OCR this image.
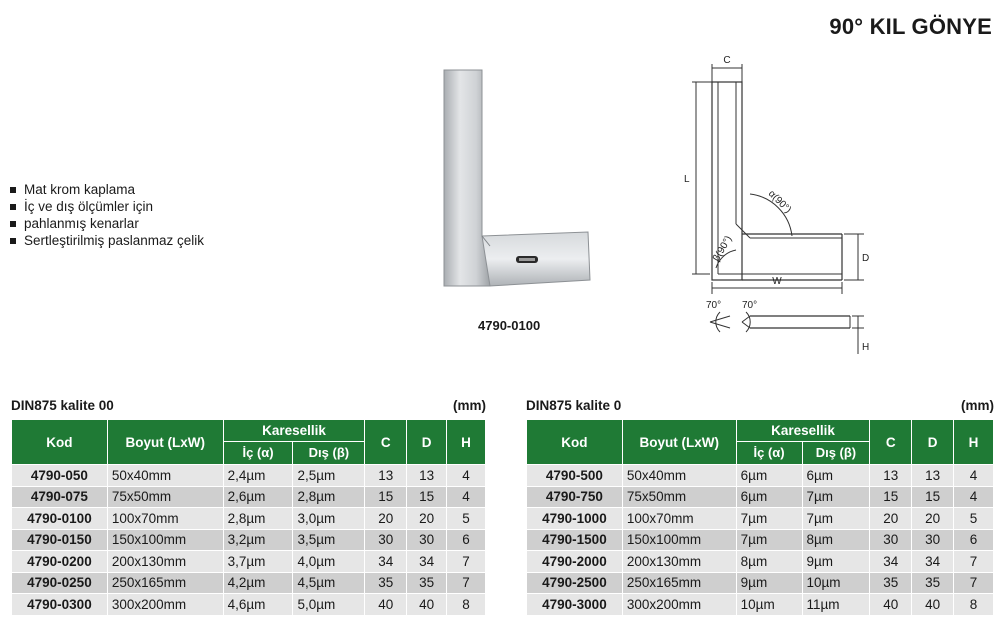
90° KIL GÖNYE
Mat krom kaplama
İç ve dış ölçümler için
pahlanmış kenarlar
Sertleştirilmiş paslanmaz çelik
4790-0100
C
L
D
W
H
α(90°)
β(90°)
70° 70°
DIN875 kalite 00	(mm)
Kod	Boyut (LxW)	Karesellik		C	D	H
		İç (α)	Dış (β)			
4790-050	50x40mm	2,4µm	2,5µm	13	13	4
4790-075	75x50mm	2,6µm	2,8µm	15	15	4
4790-0100	100x70mm	2,8µm	3,0µm	20	20	5
4790-0150	150x100mm	3,2µm	3,5µm	30	30	6
4790-0200	200x130mm	3,7µm	4,0µm	34	34	7
4790-0250	250x165mm	4,2µm	4,5µm	35	35	7
4790-0300	300x200mm	4,6µm	5,0µm	40	40	8
DIN875 kalite 0	(mm)
Kod	Boyut (LxW)	Karesellik		C	D	H
		İç (α)	Dış (β)			
4790-500	50x40mm	6µm	6µm	13	13	4
4790-750	75x50mm	6µm	7µm	15	15	4
4790-1000	100x70mm	7µm	7µm	20	20	5
4790-1500	150x100mm	7µm	8µm	30	30	6
4790-2000	200x130mm	8µm	9µm	34	34	7
4790-2500	250x165mm	9µm	10µm	35	35	7
4790-3000	300x200mm	10µm	11µm	40	40	8
